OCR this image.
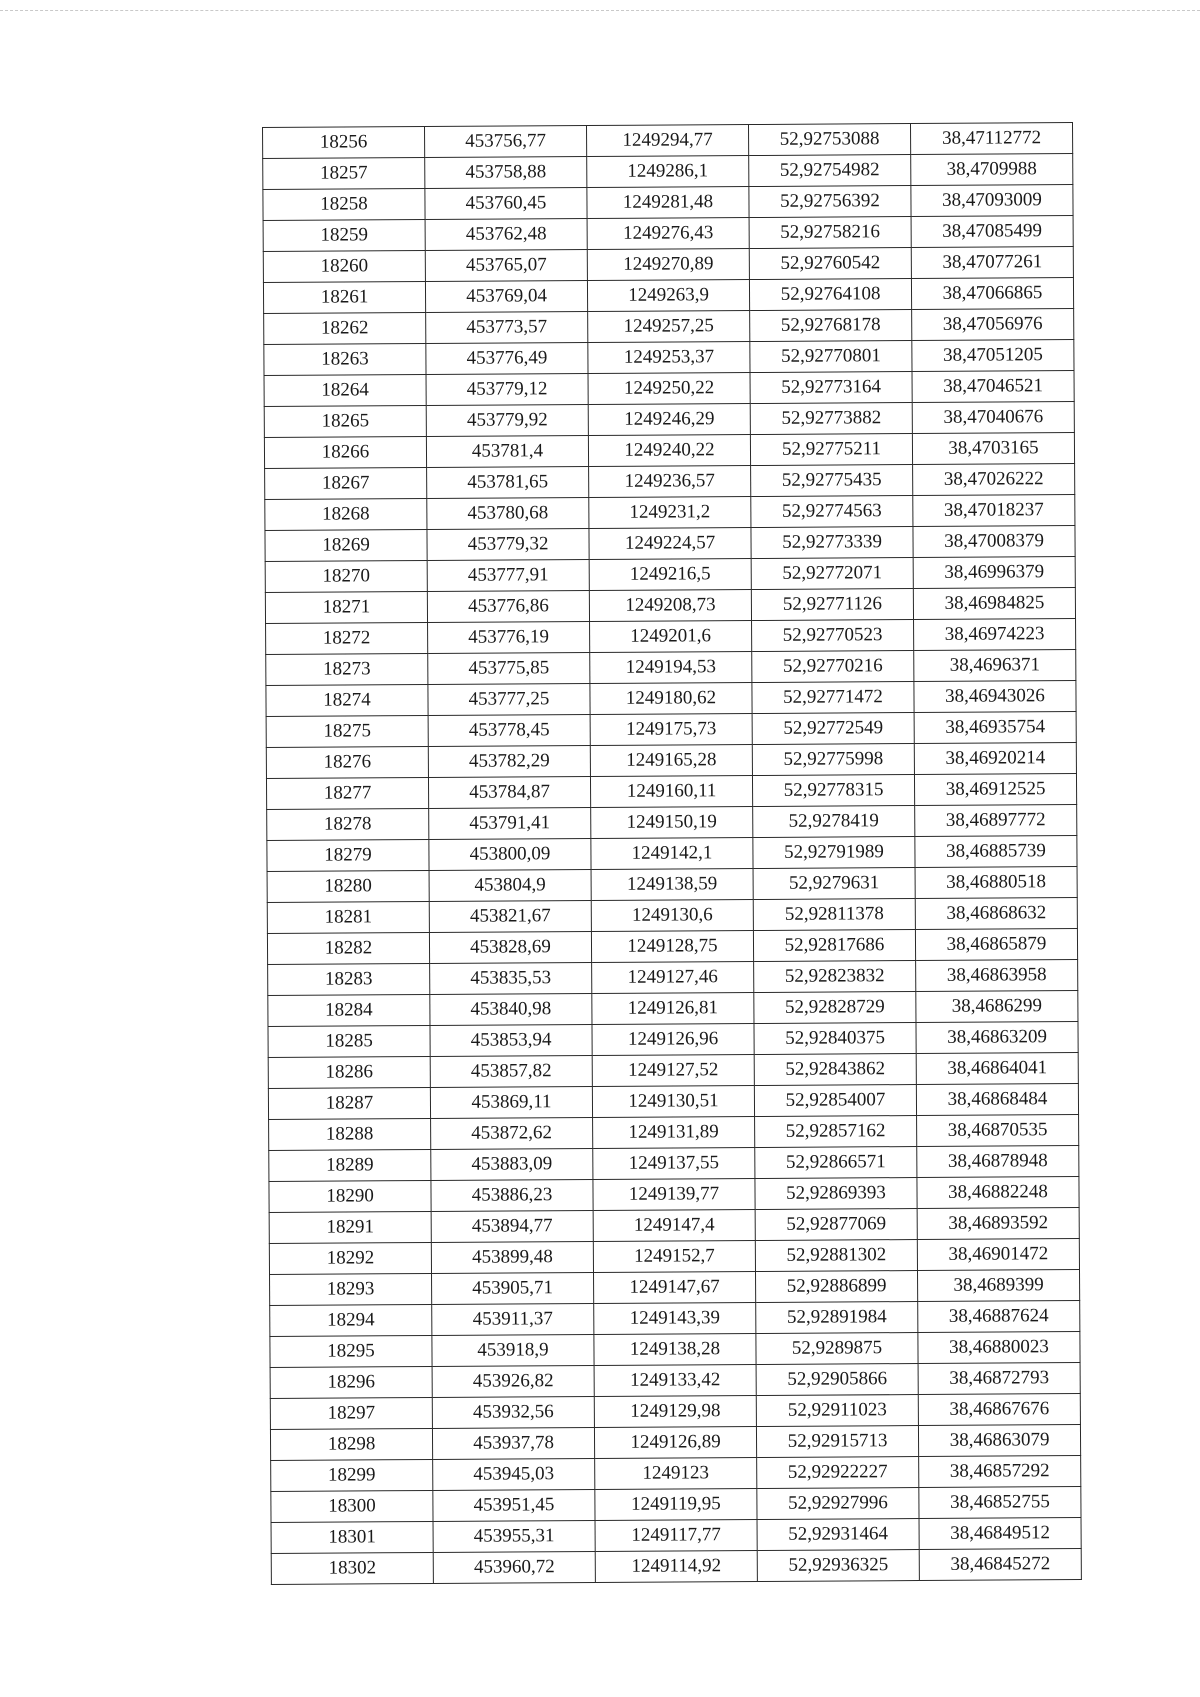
18256	453756,77	1249294,77	52,92753088	38,47112772
18257	453758,88	1249286,1	52,92754982	38,4709988
18258	453760,45	1249281,48	52,92756392	38,47093009
18259	453762,48	1249276,43	52,92758216	38,47085499
18260	453765,07	1249270,89	52,92760542	38,47077261
18261	453769,04	1249263,9	52,92764108	38,47066865
18262	453773,57	1249257,25	52,92768178	38,47056976
18263	453776,49	1249253,37	52,92770801	38,47051205
18264	453779,12	1249250,22	52,92773164	38,47046521
18265	453779,92	1249246,29	52,92773882	38,47040676
18266	453781,4	1249240,22	52,92775211	38,4703165
18267	453781,65	1249236,57	52,92775435	38,47026222
18268	453780,68	1249231,2	52,92774563	38,47018237
18269	453779,32	1249224,57	52,92773339	38,47008379
18270	453777,91	1249216,5	52,92772071	38,46996379
18271	453776,86	1249208,73	52,92771126	38,46984825
18272	453776,19	1249201,6	52,92770523	38,46974223
18273	453775,85	1249194,53	52,92770216	38,4696371
18274	453777,25	1249180,62	52,92771472	38,46943026
18275	453778,45	1249175,73	52,92772549	38,46935754
18276	453782,29	1249165,28	52,92775998	38,46920214
18277	453784,87	1249160,11	52,92778315	38,46912525
18278	453791,41	1249150,19	52,9278419	38,46897772
18279	453800,09	1249142,1	52,92791989	38,46885739
18280	453804,9	1249138,59	52,9279631	38,46880518
18281	453821,67	1249130,6	52,92811378	38,46868632
18282	453828,69	1249128,75	52,92817686	38,46865879
18283	453835,53	1249127,46	52,92823832	38,46863958
18284	453840,98	1249126,81	52,92828729	38,4686299
18285	453853,94	1249126,96	52,92840375	38,46863209
18286	453857,82	1249127,52	52,92843862	38,46864041
18287	453869,11	1249130,51	52,92854007	38,46868484
18288	453872,62	1249131,89	52,92857162	38,46870535
18289	453883,09	1249137,55	52,92866571	38,46878948
18290	453886,23	1249139,77	52,92869393	38,46882248
18291	453894,77	1249147,4	52,92877069	38,46893592
18292	453899,48	1249152,7	52,92881302	38,46901472
18293	453905,71	1249147,67	52,92886899	38,4689399
18294	453911,37	1249143,39	52,92891984	38,46887624
18295	453918,9	1249138,28	52,9289875	38,46880023
18296	453926,82	1249133,42	52,92905866	38,46872793
18297	453932,56	1249129,98	52,92911023	38,46867676
18298	453937,78	1249126,89	52,92915713	38,46863079
18299	453945,03	1249123	52,92922227	38,46857292
18300	453951,45	1249119,95	52,92927996	38,46852755
18301	453955,31	1249117,77	52,92931464	38,46849512
18302	453960,72	1249114,92	52,92936325	38,46845272
